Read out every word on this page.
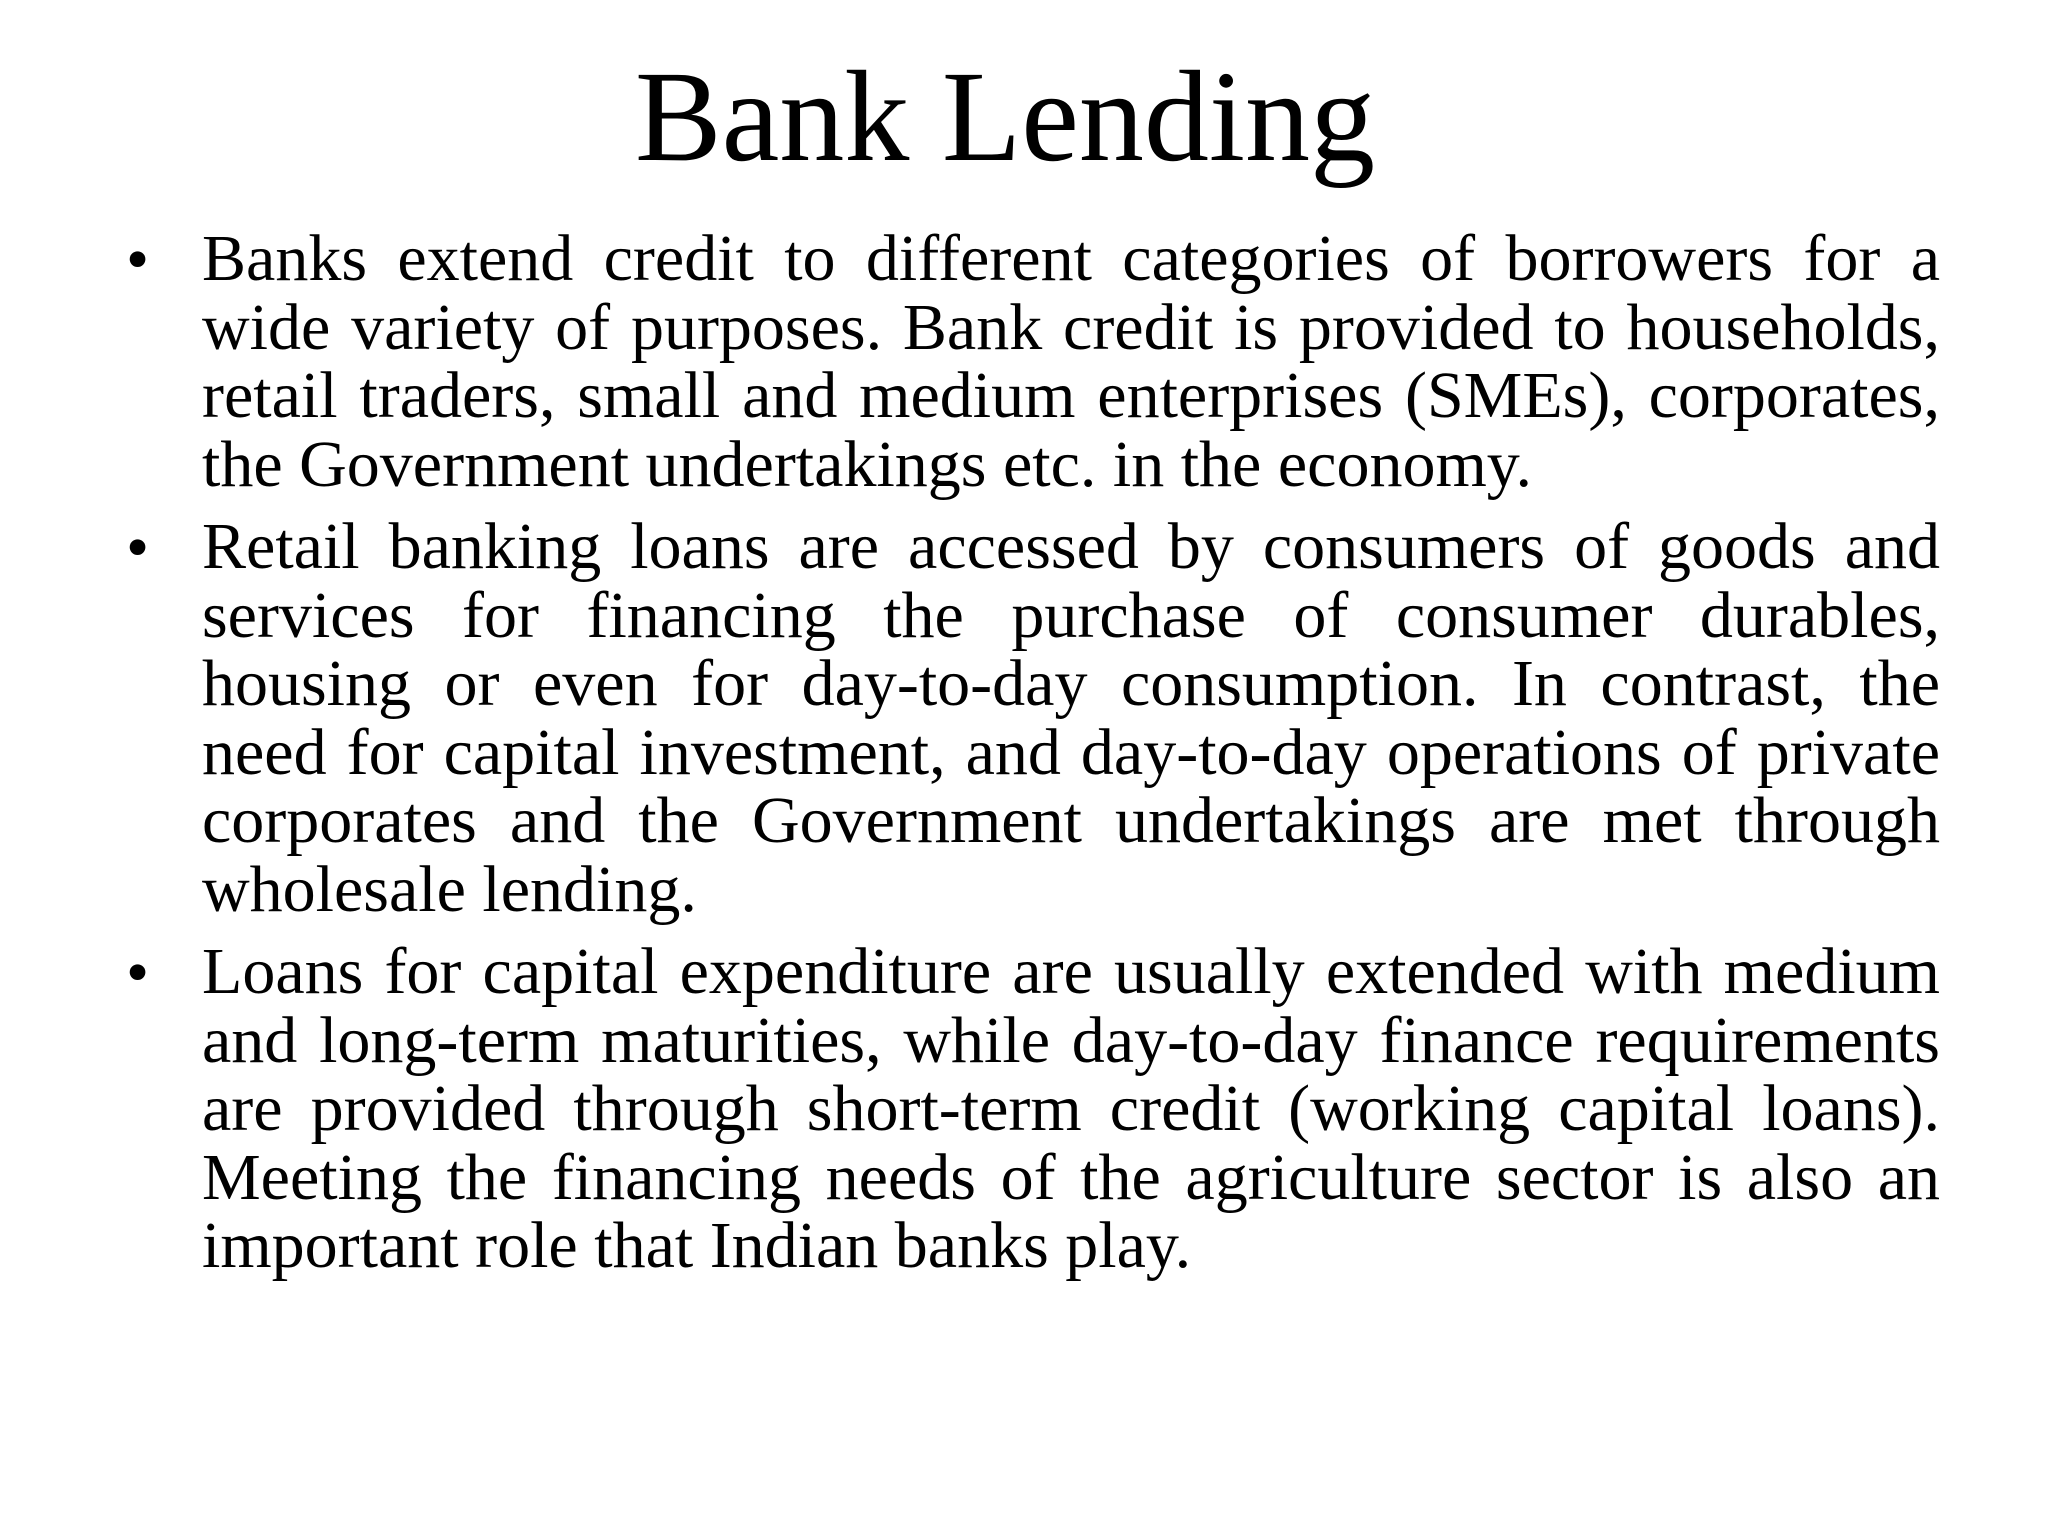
Bank Lending
• Banks extend credit to different categories of borrowers for a wide variety of purposes. Bank credit is provided to households, retail traders, small and medium enterprises (SMEs), corporates, the Government undertakings etc. in the economy.
• Retail banking loans are accessed by consumers of goods and services for financing the purchase of consumer durables, housing or even for day-to-day consumption. In contrast, the need for capital investment, and day-to-day operations of private corporates and the Government undertakings are met through wholesale lending.
• Loans for capital expenditure are usually extended with medium and long-term maturities, while day-to-day finance requirements are provided through short-term credit (working capital loans). Meeting the financing needs of the agriculture sector is also an important role that Indian banks play.
